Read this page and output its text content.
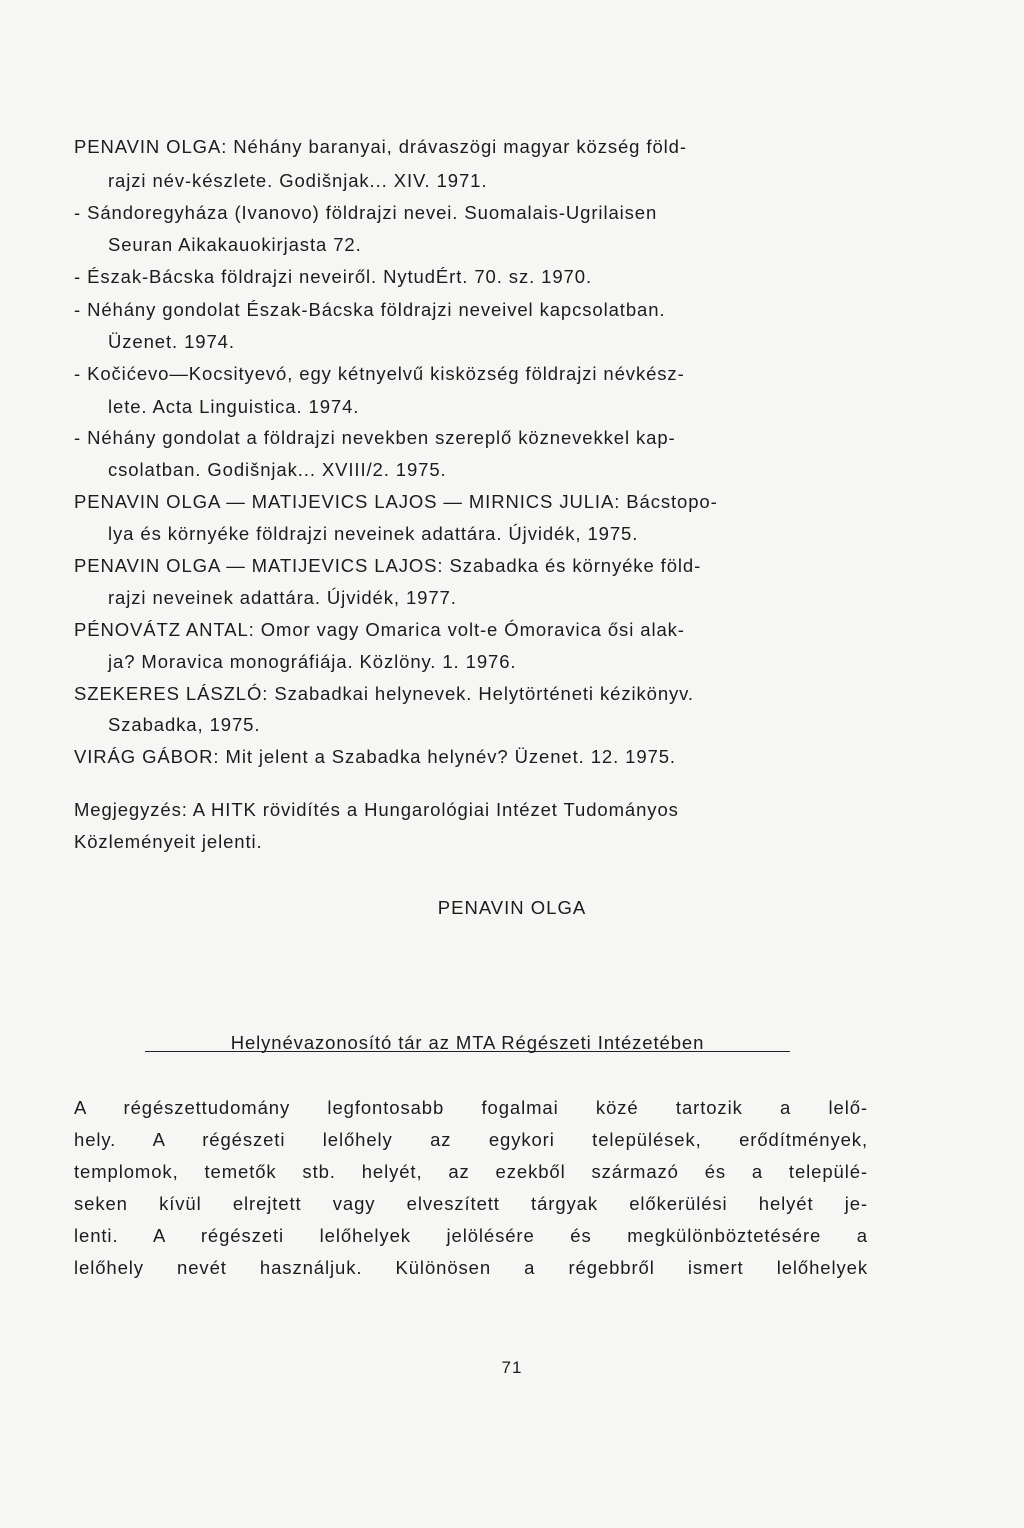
PENAVIN OLGA: Néhány baranyai, drávaszögi magyar község föld-
rajzi név-készlete. Godišnjak... XIV. 1971.
- Sándoregyháza (Ivanovo) földrajzi nevei. Suomalais-Ugrilaisen
Seuran Aikakauokirjasta 72.
- Észak-Bácska földrajzi neveiről. NytudÉrt. 70. sz. 1970.
- Néhány gondolat Észak-Bácska földrajzi neveivel kapcsolatban.
Üzenet. 1974.
- Kočićevo—Kocsityevó, egy kétnyelvű kisközség földrajzi névkész-
lete. Acta Linguistica. 1974.
- Néhány gondolat a földrajzi nevekben szereplő köznevekkel kap-
csolatban. Godišnjak... XVIII/2. 1975.
PENAVIN OLGA — MATIJEVICS LAJOS — MIRNICS JULIA: Bácstopo-
lya és környéke földrajzi neveinek adattára. Újvidék, 1975.
PENAVIN OLGA — MATIJEVICS LAJOS: Szabadka és környéke föld-
rajzi neveinek adattára. Újvidék, 1977.
PÉNOVÁTZ ANTAL: Omor vagy Omarica volt-e Ómoravica ősi alak-
ja? Moravica monográfiája. Közlöny. 1. 1976.
SZEKERES LÁSZLÓ: Szabadkai helynevek. Helytörténeti kézikönyv.
Szabadka, 1975.
VIRÁG GÁBOR: Mit jelent a Szabadka helynév? Üzenet. 12. 1975.
Megjegyzés: A HITK rövidítés a Hungarológiai Intézet Tudományos
Közleményeit jelenti.
PENAVIN OLGA
Helynévazonosító tár az MTA Régészeti Intézetében
A régészettudomány legfontosabb fogalmai közé tartozik a lelő-
hely. A régészeti lelőhely az egykori települések, erődítmények,
templomok, temetők stb. helyét, az ezekből származó és a települé-
seken kívül elrejtett vagy elveszített tárgyak előkerülési helyét je-
lenti. A régészeti lelőhelyek jelölésére és megkülönböztetésére a
lelőhely nevét használjuk. Különösen a régebbről ismert lelőhelyek
71
